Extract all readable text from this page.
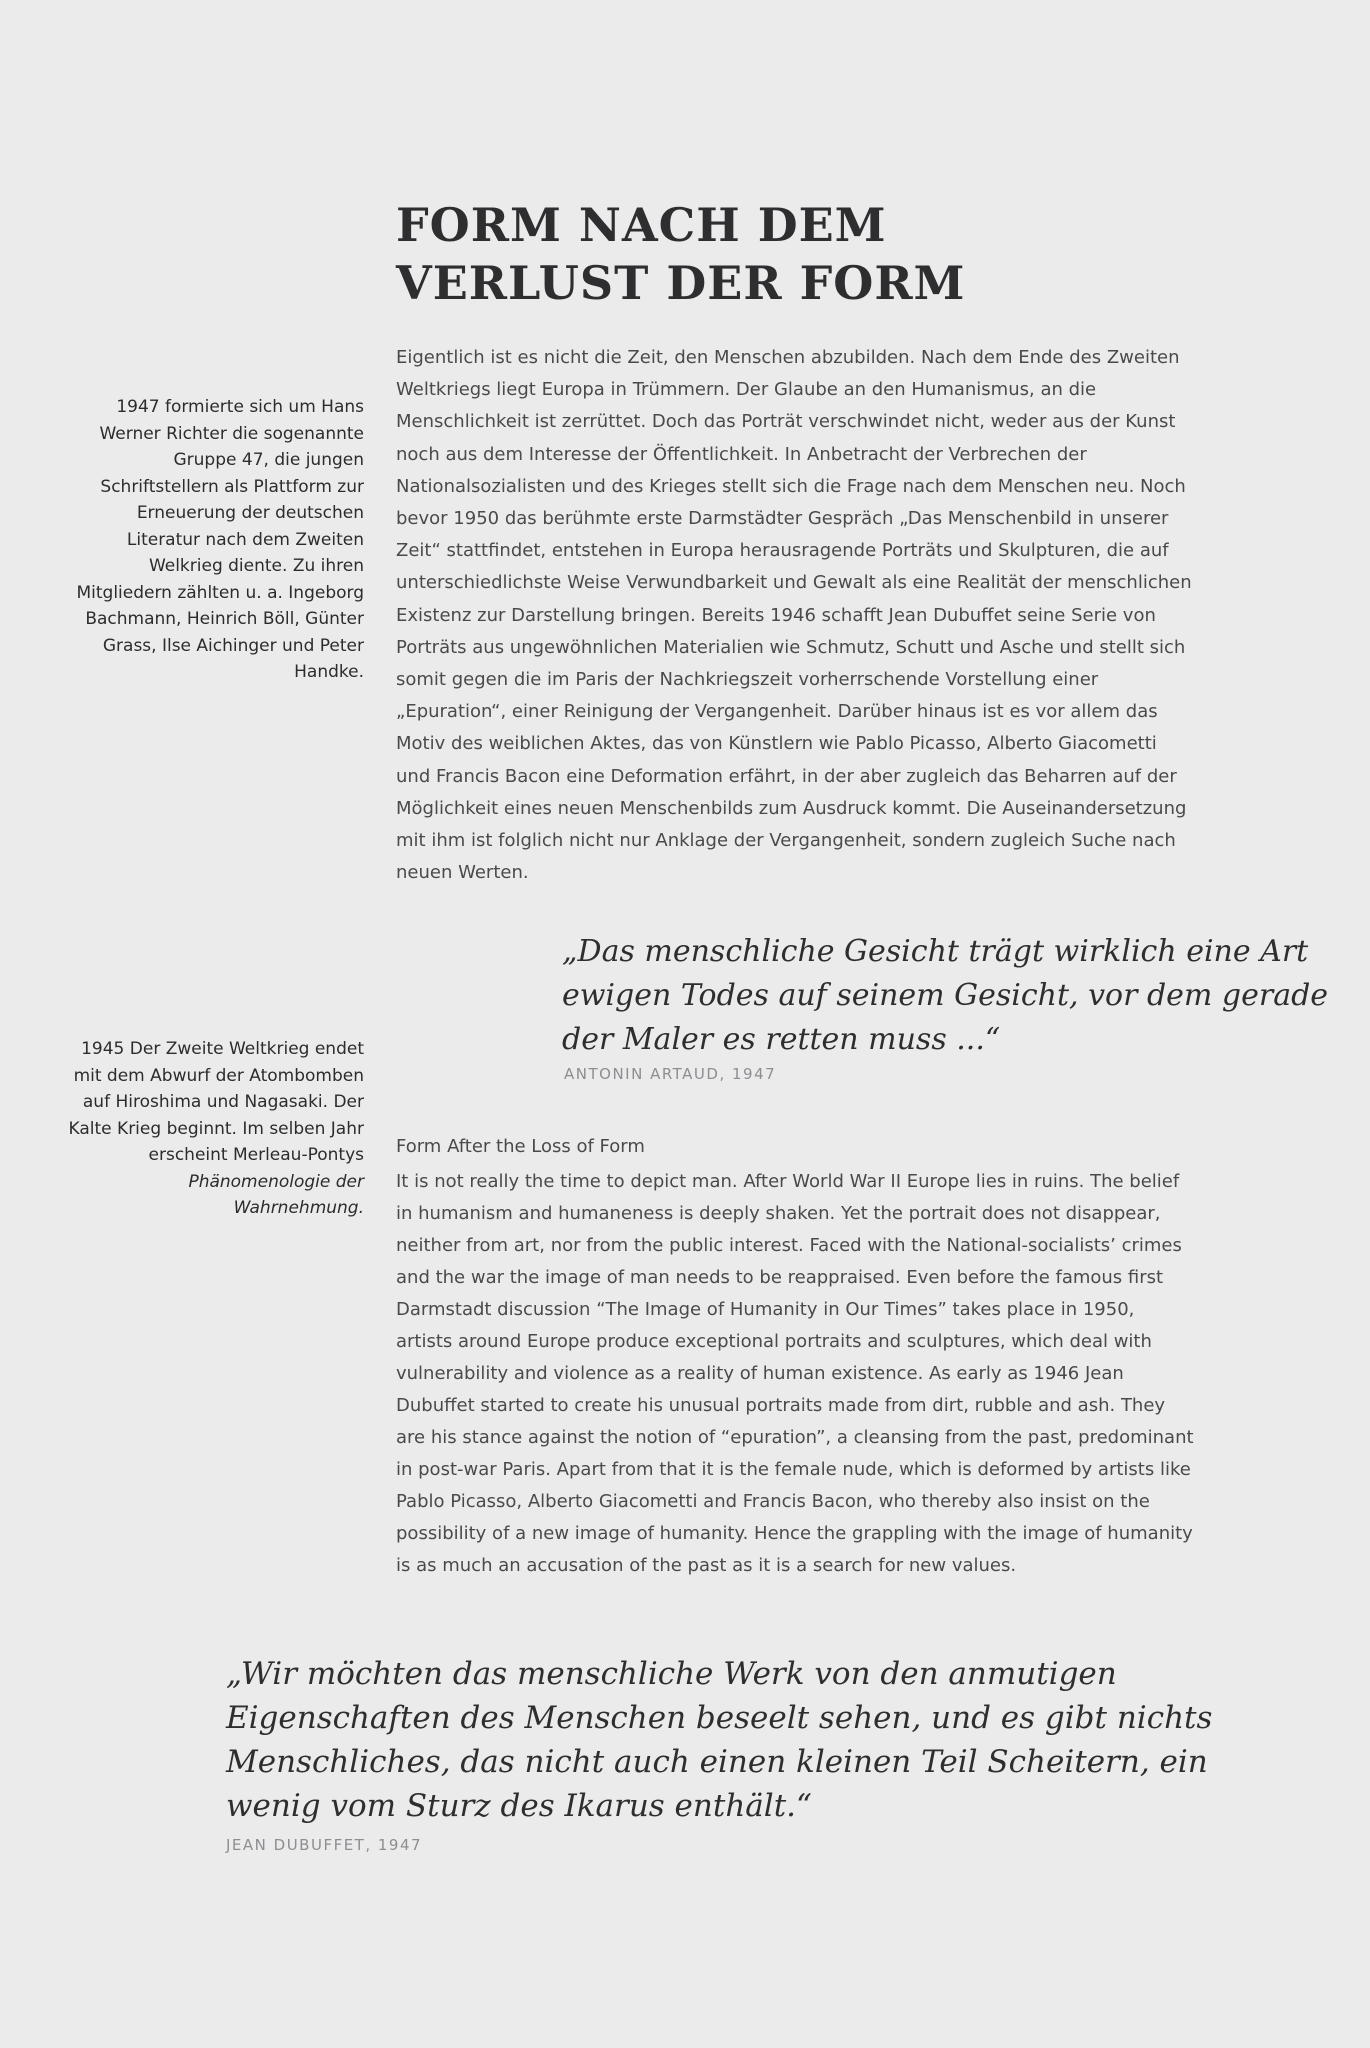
FORM NACH DEM
VERLUST DER FORM
1947 formierte sich um Hans Werner Richter die sogenannte Gruppe 47, die jungen Schriftstellern als Plattform zur Erneuerung der deutschen Literatur nach dem Zweiten Welkrieg diente. Zu ihren Mitgliedern zählten u. a. Ingeborg Bachmann, Heinrich Böll, Günter Grass, Ilse Aichinger und Peter Handke.

Eigentlich ist es nicht die Zeit, den Menschen abzubilden. Nach dem Ende des Zweiten Weltkriegs liegt Europa in Trümmern. Der Glaube an den Humanismus, an die Menschlichkeit ist zerrüttet. Doch das Porträt verschwindet nicht, weder aus der Kunst noch aus dem Interesse der Öffentlichkeit. In Anbetracht der Verbrechen der Nationalsozialisten und des Krieges stellt sich die Frage nach dem Menschen neu. Noch bevor 1950 das berühmte erste Darmstädter Gespräch „Das Menschenbild in unserer Zeit“ stattfindet, entstehen in Europa herausragende Porträts und Skulpturen, die auf unterschiedlichste Weise Verwundbarkeit und Gewalt als eine Realität der menschlichen Existenz zur Darstellung bringen. Bereits 1946 schafft Jean Dubuffet seine Serie von Porträts aus ungewöhnlichen Materialien wie Schmutz, Schutt und Asche und stellt sich somit gegen die im Paris der Nachkriegszeit vorherrschende Vorstellung einer „Epuration“, einer Reinigung der Vergangenheit. Darüber hinaus ist es vor allem das Motiv des weiblichen Aktes, das von Künstlern wie Pablo Picasso, Alberto Giacometti und Francis Bacon eine Deformation erfährt, in der aber zugleich das Beharren auf der Möglichkeit eines neuen Menschenbilds zum Ausdruck kommt. Die Auseinandersetzung mit ihm ist folglich nicht nur Anklage der Vergangenheit, sondern zugleich Suche nach neuen Werten.

1945 Der Zweite Weltkrieg endet mit dem Abwurf der Atombomben auf Hiroshima und Nagasaki. Der Kalte Krieg beginnt. Im selben Jahr erscheint Merleau-Pontys Phänomenologie der Wahrnehmung.

„Das menschliche Gesicht trägt wirklich eine Art ewigen Todes auf seinem Gesicht, vor dem gerade der Maler es retten muss ...“

ANTONIN ARTAUD, 1947
Form After the Loss of Form

It is not really the time to depict man. After World War II Europe lies in ruins. The belief in humanism and humaneness is deeply shaken. Yet the portrait does not disappear, neither from art, nor from the public interest. Faced with the National-socialists’ crimes and the war the image of man needs to be reappraised. Even before the famous first Darmstadt discussion “The Image of Humanity in Our Times” takes place in 1950, artists around Europe produce exceptional portraits and sculptures, which deal with vulnerability and violence as a reality of human existence. As early as 1946 Jean Dubuffet started to create his unusual portraits made from dirt, rubble and ash. They are his stance against the notion of “epuration”, a cleansing from the past, predominant in post-war Paris. Apart from that it is the female nude, which is deformed by artists like Pablo Picasso, Alberto Giacometti and Francis Bacon, who thereby also insist on the possibility of a new image of humanity. Hence the grappling with the image of humanity is as much an accusation of the past as it is a search for new values.

„Wir möchten das menschliche Werk von den anmutigen Eigenschaften des Menschen beseelt sehen, und es gibt nichts Menschliches, das nicht auch einen kleinen Teil Scheitern, ein wenig vom Sturz des Ikarus enthält.“

JEAN DUBUFFET, 1947
